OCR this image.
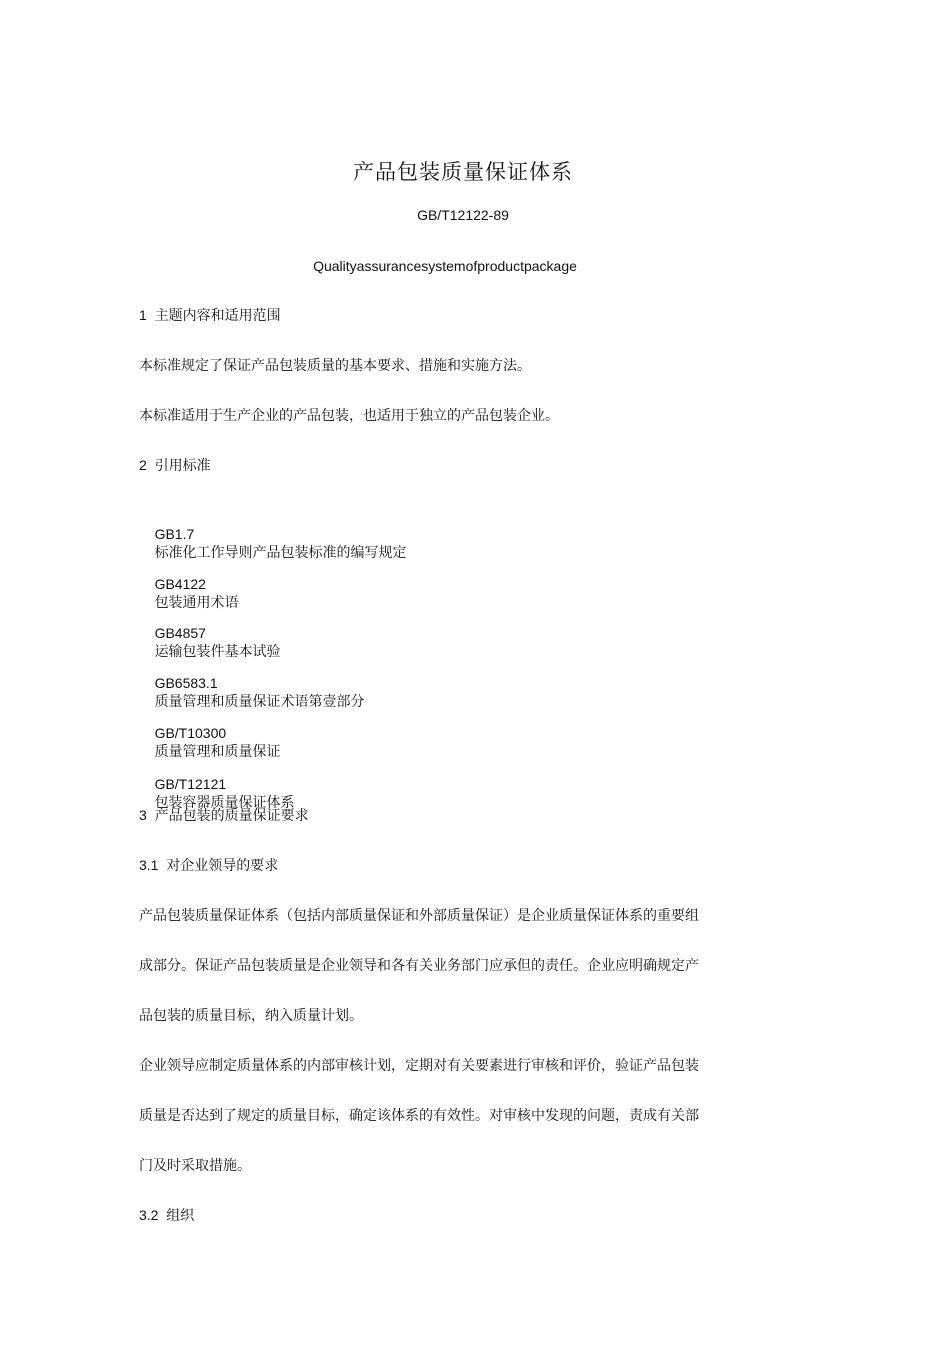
产品包装质量保证体系
GB/T12122-89
Qualityassurancesystemofproductpackage
1  主题内容和适用范围
本标准规定了保证产品包装质量的基本要求、措施和实施方法。
本标准适用于生产企业的产品包装，也适用于独立的产品包装企业。
2  引用标准

GB1.7
标准化工作导则产品包装标准的编写规定

GB4122
包装通用术语

GB4857
运输包装件基本试验

GB6583.1
质量管理和质量保证术语第壹部分

GB/T10300
质量管理和质量保证

GB/T12121
包装容器质量保证体系

3  产品包装的质量保证要求
3.1  对企业领导的要求
产品包装质量保证体系（包括内部质量保证和外部质量保证）是企业质量保证体系的重要组
成部分。保证产品包装质量是企业领导和各有关业务部门应承但的责任。企业应明确规定产
品包装的质量目标，纳入质量计划。
企业领导应制定质量体系的内部审核计划，定期对有关要素进行审核和评价，验证产品包装
质量是否达到了规定的质量目标，确定该体系的有效性。对审核中发现的问题，责成有关部
门及时采取措施。
3.2  组织
